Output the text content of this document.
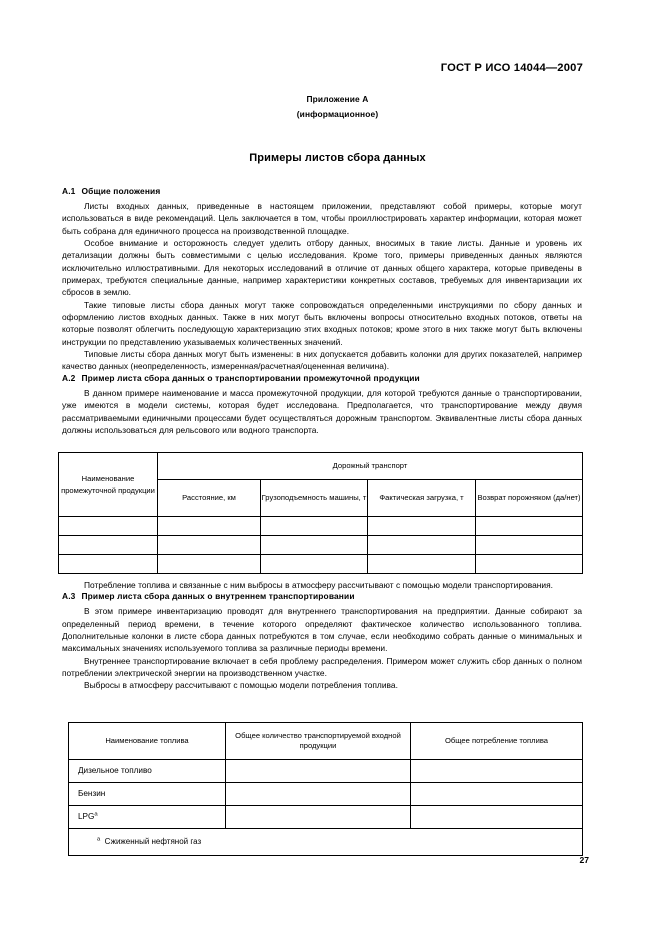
ГОСТ Р ИСО 14044—2007
Приложение А
(информационное)
Примеры листов сбора данных
A.1 Общие положения

Листы входных данных, приведенные в настоящем приложении, представляют собой примеры, которые могут использоваться в виде рекомендаций. Цель заключается в том, чтобы проиллюстрировать характер информации, которая может быть собрана для единичного процесса на производственной площадке.

Особое внимание и осторожность следует уделить отбору данных, вносимых в такие листы. Данные и уровень их детализации должны быть совместимыми с целью исследования. Кроме того, примеры приведенных данных являются исключительно иллюстративными. Для некоторых исследований в отличие от данных общего характера, которые приведены в примерах, требуются специальные данные, например характеристики конкретных составов, требуемых для инвентаризации их сбросов в землю.

Такие типовые листы сбора данных могут также сопровождаться определенными инструкциями по сбору данных и оформлению листов входных данных. Также в них могут быть включены вопросы относительно входных потоков, ответы на которые позволят облегчить последующую характеризацию этих входных потоков; кроме этого в них также могут быть включены инструкции по представлению указываемых количественных значений.

Типовые листы сбора данных могут быть изменены: в них допускается добавить колонки для других показателей, например качество данных (неопределенность, измеренная/расчетная/оцененная величина).

A.2 Пример листа сбора данных о транспортировании промежуточной продукции

В данном примере наименование и масса промежуточной продукции, для которой требуются данные о транспортировании, уже имеются в модели системы, которая будет исследована. Предполагается, что транспортирование между двумя рассматриваемыми единичными процессами будет осуществляться дорожным транспортом. Эквивалентные листы сбора данных должны использоваться для рельсового или водного транспорта.

Наименование промежуточной продукции	Дорожный транспорт			
	Расстояние, км	Грузоподъемность машины, т	Фактическая загрузка, т	Возврат порожняком (да/нет)

Потребление топлива и связанные с ним выбросы в атмосферу рассчитывают с помощью модели транспортирования.

A.3 Пример листа сбора данных о внутреннем транспортировании

В этом примере инвентаризацию проводят для внутреннего транспортирования на предприятии. Данные собирают за определенный период времени, в течение которого определяют фактическое количество использованного топлива. Дополнительные колонки в листе сбора данных потребуются в том случае, если необходимо собрать данные о минимальных и максимальных значениях используемого топлива за различные периоды времени.

Внутреннее транспортирование включает в себя проблему распределения. Примером может служить сбор данных о полном потреблении электрической энергии на производственном участке.

Выбросы в атмосферу рассчитывают с помощью модели потребления топлива.

Наименование топлива	Общее количество транспортируемой входной продукции	Общее потребление топлива
Дизельное топливо		
Бензин		
LPG$^a$		
$^a$ Сжиженный нефтяной газ		
27
